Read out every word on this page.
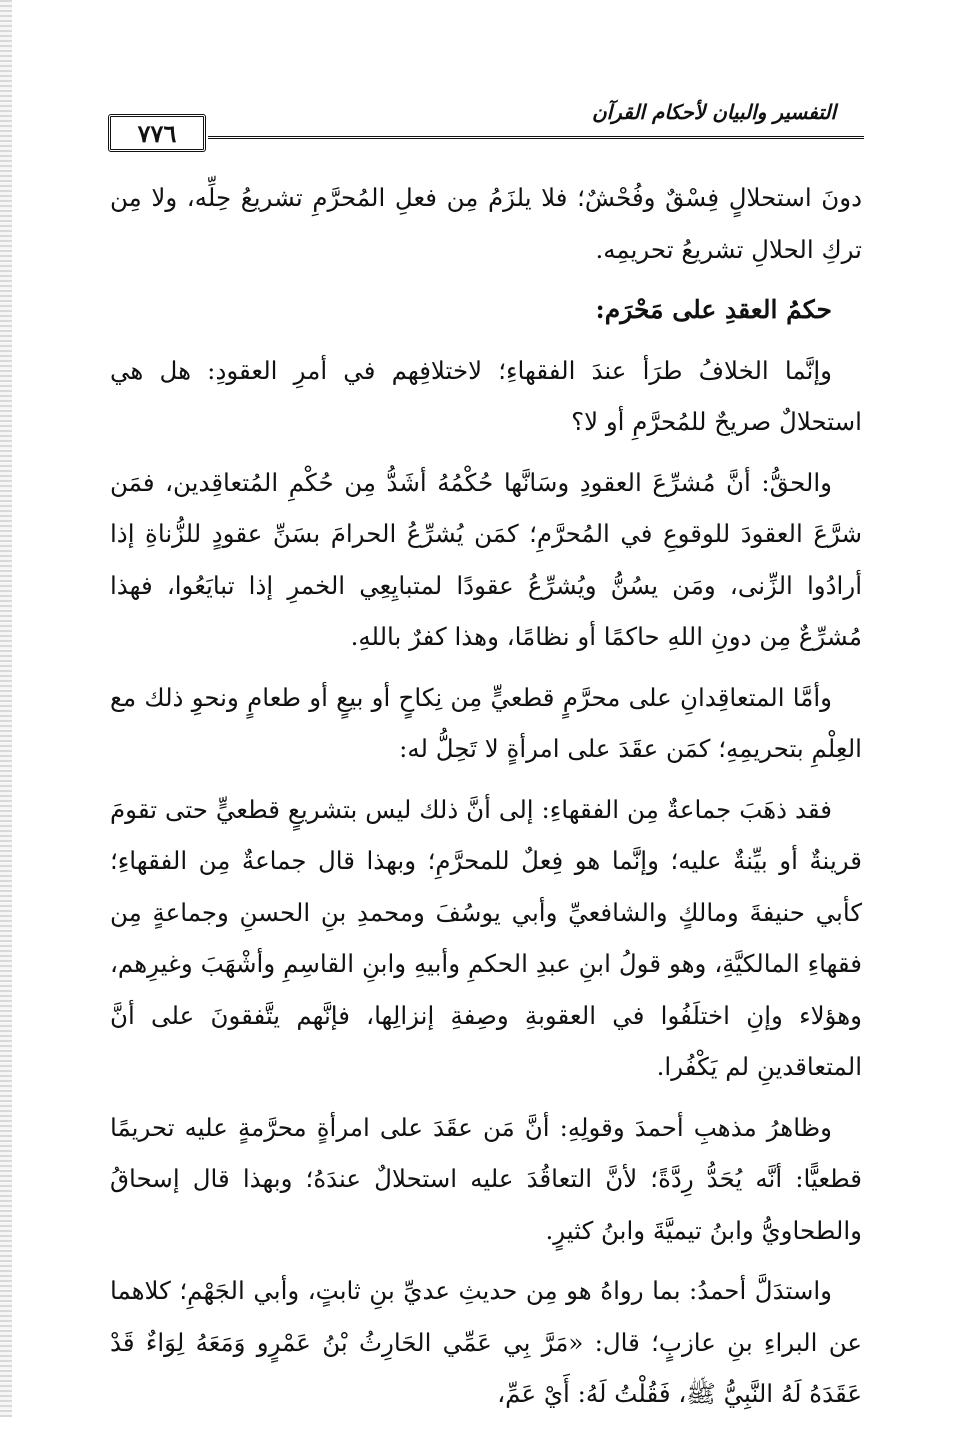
٧٧٦
التفسير والبيان لأحكام القرآن

دونَ استحلالٍ فِسْقٌ وفُحْشٌ؛ فلا يلزَمُ مِن فعلِ المُحرَّمِ تشريعُ حِلِّه، ولا مِن تركِ الحلالِ تشريعُ تحريمِه.

حكمُ العقدِ على مَحْرَم:

وإنَّما الخلافُ طرَأ عندَ الفقهاءِ؛ لاختلافِهم في أمرِ العقودِ: هل هي استحلالٌ صريحٌ للمُحرَّمِ أو لا؟

والحقُّ: أنَّ مُشرِّعَ العقودِ وسَانَّها حُكْمُهُ أشَدُّ مِن حُكْمِ المُتعاقِدين، فمَن شرَّعَ العقودَ للوقوعِ في المُحرَّمِ؛ كمَن يُشرِّعُ الحرامَ بسَنِّ عقودٍ للزُّناةِ إذا أرادُوا الزِّنى، ومَن يسُنُّ ويُشرِّعُ عقودًا لمتبايِعِي الخمرِ إذا تبايَعُوا، فهذا مُشرِّعٌ مِن دونِ اللهِ حاكمًا أو نظامًا، وهذا كفرٌ باللهِ.

وأمَّا المتعاقِدانِ على محرَّمٍ قطعيٍّ مِن نِكاحٍ أو بيعٍ أو طعامٍ ونحوِ ذلك مع العِلْمِ بتحريمِهِ؛ كمَن عقَدَ على امرأةٍ لا تَحِلُّ له:

فقد ذهَبَ جماعةٌ مِن الفقهاءِ: إلى أنَّ ذلك ليس بتشريعٍ قطعيٍّ حتى تقومَ قرينةٌ أو بيِّنةٌ عليه؛ وإنَّما هو فِعلٌ للمحرَّمِ؛ وبهذا قال جماعةٌ مِن الفقهاءِ؛ كأبي حنيفةَ ومالكٍ والشافعيِّ وأبي يوسُفَ ومحمدِ بنِ الحسنِ وجماعةٍ مِن فقهاءِ المالكيَّةِ، وهو قولُ ابنِ عبدِ الحكمِ وأبيهِ وابنِ القاسِمِ وأشْهَبَ وغيرِهم، وهؤلاء وإنِ اختلَفُوا في العقوبةِ وصِفةِ إنزالِها، فإنَّهم يتَّفقونَ على أنَّ المتعاقدينِ لم يَكْفُرا.

وظاهرُ مذهبِ أحمدَ وقولِهِ: أنَّ مَن عقَدَ على امرأةٍ محرَّمةٍ عليه تحريمًا قطعيًّا: أنَّه يُحَدُّ رِدَّةً؛ لأنَّ التعاقُدَ عليه استحلالٌ عندَهُ؛ وبهذا قال إسحاقُ والطحاويُّ وابنُ تيميَّةَ وابنُ كثيرٍ.

واستدَلَّ أحمدُ: بما رواهُ هو مِن حديثِ عديِّ بنِ ثابتٍ، وأبي الجَهْمِ؛ كلاهما عن البراءِ بنِ عازبٍ؛ قال: «مَرَّ بِي عَمِّي الحَارِثُ بْنُ عَمْرٍو وَمَعَهُ لِوَاءٌ قَدْ عَقَدَهُ لَهُ النَّبِيُّ ﷺ، فَقُلْتُ لَهُ: أَيْ عَمِّ،
